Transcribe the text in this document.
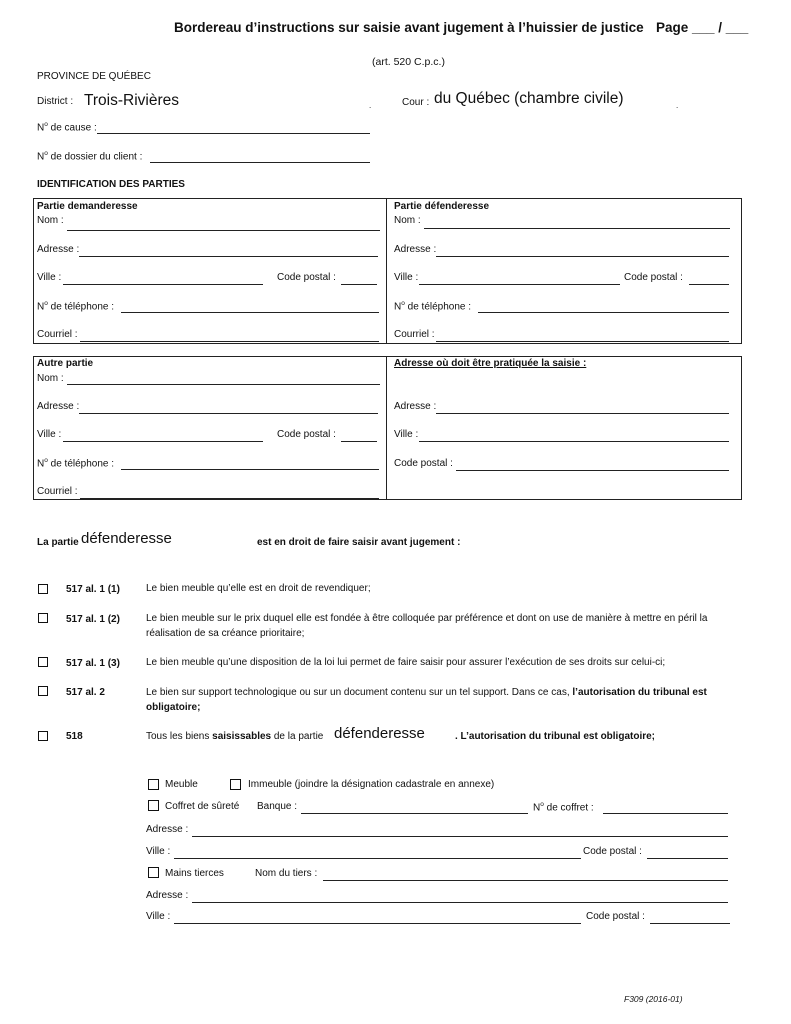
Bordereau d’instructions sur saisie avant jugement à l’huissier de justice Page ___ / ___
(art. 520 C.p.c.)
PROVINCE DE QUÉBEC
District : Trois-Rivières	.	Cour : du Québec (chambre civile)	.
$N^o$ de cause :
$N^o$ de dossier du client :
IDENTIFICATION DES PARTIES
Partie demanderesse
Nom :
Adresse :
Ville :	Code postal :
$N^o$ de téléphone :
Courriel :
Partie défenderesse
Nom :
Adresse :
Ville :	Code postal :
$N^o$ de téléphone :
Courriel :
Autre partie
Nom :
Adresse :
Ville :	Code postal :
$N^o$ de téléphone :
Courriel :
Adresse où doit être pratiquée la saisie :
Adresse :
Ville :
Code postal :
La partie défenderesse	est en droit de faire saisir avant jugement :
517 al. 1 (1)	Le bien meuble qu’elle est en droit de revendiquer;
517 al. 1 (2)	Le bien meuble sur le prix duquel elle est fondée à être colloquée par préférence et dont on use de manière à mettre en péril la réalisation de sa créance prioritaire;
517 al. 1 (3)	Le bien meuble qu’une disposition de la loi lui permet de faire saisir pour assurer l’exécution de ses droits sur celui-ci;
517 al. 2	Le bien sur support technologique ou sur un document contenu sur un tel support. Dans ce cas, l’autorisation du tribunal est obligatoire;
518	Tous les biens saisissables de la partie défenderesse	. L’autorisation du tribunal est obligatoire;
Meuble	Immeuble (joindre la désignation cadastrale en annexe)
Coffret de sûreté Banque :	$N^o$ de coffret :
Adresse :
Ville :	Code postal :
Mains tierces	Nom du tiers :
Adresse :
Ville :	Code postal :
F309 (2016-01)
